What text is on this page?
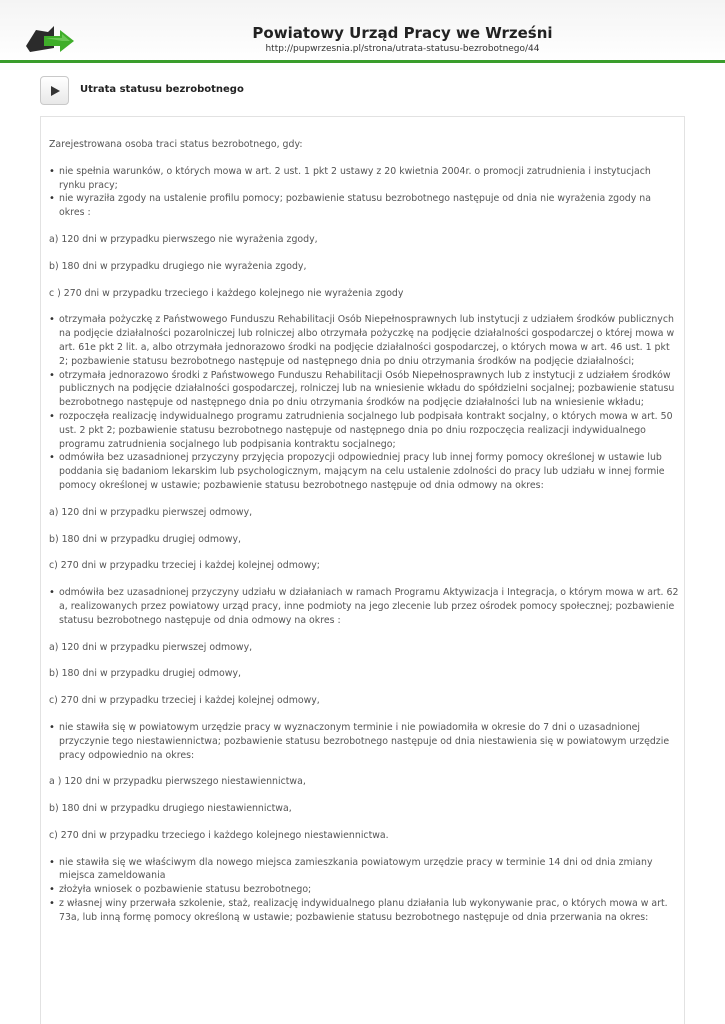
Powiatowy Urząd Pracy we Wrześni
http://pupwrzesnia.pl/strona/utrata-statusu-bezrobotnego/44
Utrata statusu bezrobotnego

Zarejestrowana osoba traci status bezrobotnego, gdy:

• nie spełnia warunków, o których mowa w art. 2 ust. 1 pkt 2 ustawy z 20 kwietnia 2004r. o promocji zatrudnienia i instytucjach rynku pracy;
• nie wyraziła zgody na ustalenie profilu pomocy; pozbawienie statusu bezrobotnego następuje od dnia nie wyrażenia zgody na okres :

a) 120 dni w przypadku pierwszego nie wyrażenia zgody,

b) 180 dni w przypadku drugiego nie wyrażenia zgody,

c ) 270 dni w przypadku trzeciego i każdego kolejnego nie wyrażenia zgody

• otrzymała pożyczkę z Państwowego Funduszu Rehabilitacji Osób Niepełnosprawnych lub instytucji z udziałem środków publicznych na podjęcie działalności pozarolniczej lub rolniczej albo otrzymała pożyczkę na podjęcie działalności gospodarczej o której mowa w art. 61e pkt 2 lit. a, albo otrzymała jednorazowo środki na podjęcie działalności gospodarczej, o których mowa w art. 46 ust. 1 pkt 2; pozbawienie statusu bezrobotnego następuje od następnego dnia po dniu otrzymania środków na podjęcie działalności;
• otrzymała jednorazowo środki z Państwowego Funduszu Rehabilitacji Osób Niepełnosprawnych lub z instytucji z udziałem środków publicznych na podjęcie działalności gospodarczej, rolniczej lub na wniesienie wkładu do spółdzielni socjalnej; pozbawienie statusu bezrobotnego następuje od następnego dnia po dniu otrzymania środków na podjęcie działalności lub na wniesienie wkładu;
• rozpoczęła realizację indywidualnego programu zatrudnienia socjalnego lub podpisała kontrakt socjalny, o których mowa w art. 50 ust. 2 pkt 2; pozbawienie statusu bezrobotnego następuje od następnego dnia po dniu rozpoczęcia realizacji indywidualnego programu zatrudnienia socjalnego lub podpisania kontraktu socjalnego;
• odmówiła bez uzasadnionej przyczyny przyjęcia propozycji odpowiedniej pracy lub innej formy pomocy określonej w ustawie lub poddania się badaniom lekarskim lub psychologicznym, mającym na celu ustalenie zdolności do pracy lub udziału w innej formie pomocy określonej w ustawie; pozbawienie statusu bezrobotnego następuje od dnia odmowy na okres:

a) 120 dni w przypadku pierwszej odmowy,

b) 180 dni w przypadku drugiej odmowy,

c) 270 dni w przypadku trzeciej i każdej kolejnej odmowy;

• odmówiła bez uzasadnionej przyczyny udziału w działaniach w ramach Programu Aktywizacja i Integracja, o którym mowa w art. 62 a, realizowanych przez powiatowy urząd pracy, inne podmioty na jego zlecenie lub przez ośrodek pomocy społecznej; pozbawienie statusu bezrobotnego następuje od dnia odmowy na okres :

a) 120 dni w przypadku pierwszej odmowy,

b) 180 dni w przypadku drugiej odmowy,

c) 270 dni w przypadku trzeciej i każdej kolejnej odmowy,

• nie stawiła się w powiatowym urzędzie pracy w wyznaczonym terminie i nie powiadomiła w okresie do 7 dni o uzasadnionej przyczynie tego niestawiennictwa; pozbawienie statusu bezrobotnego następuje od dnia niestawienia się w powiatowym urzędzie pracy odpowiednio na okres:

a ) 120 dni w przypadku pierwszego niestawiennictwa,

b) 180 dni w przypadku drugiego niestawiennictwa,

c) 270 dni w przypadku trzeciego i każdego kolejnego niestawiennictwa.

• nie stawiła się we właściwym dla nowego miejsca zamieszkania powiatowym urzędzie pracy w terminie 14 dni od dnia zmiany miejsca zameldowania
• złożyła wniosek o pozbawienie statusu bezrobotnego;
• z własnej winy przerwała szkolenie, staż, realizację indywidualnego planu działania lub wykonywanie prac, o których mowa w art. 73a, lub inną formę pomocy określoną w ustawie; pozbawienie statusu bezrobotnego następuje od dnia przerwania na okres:
